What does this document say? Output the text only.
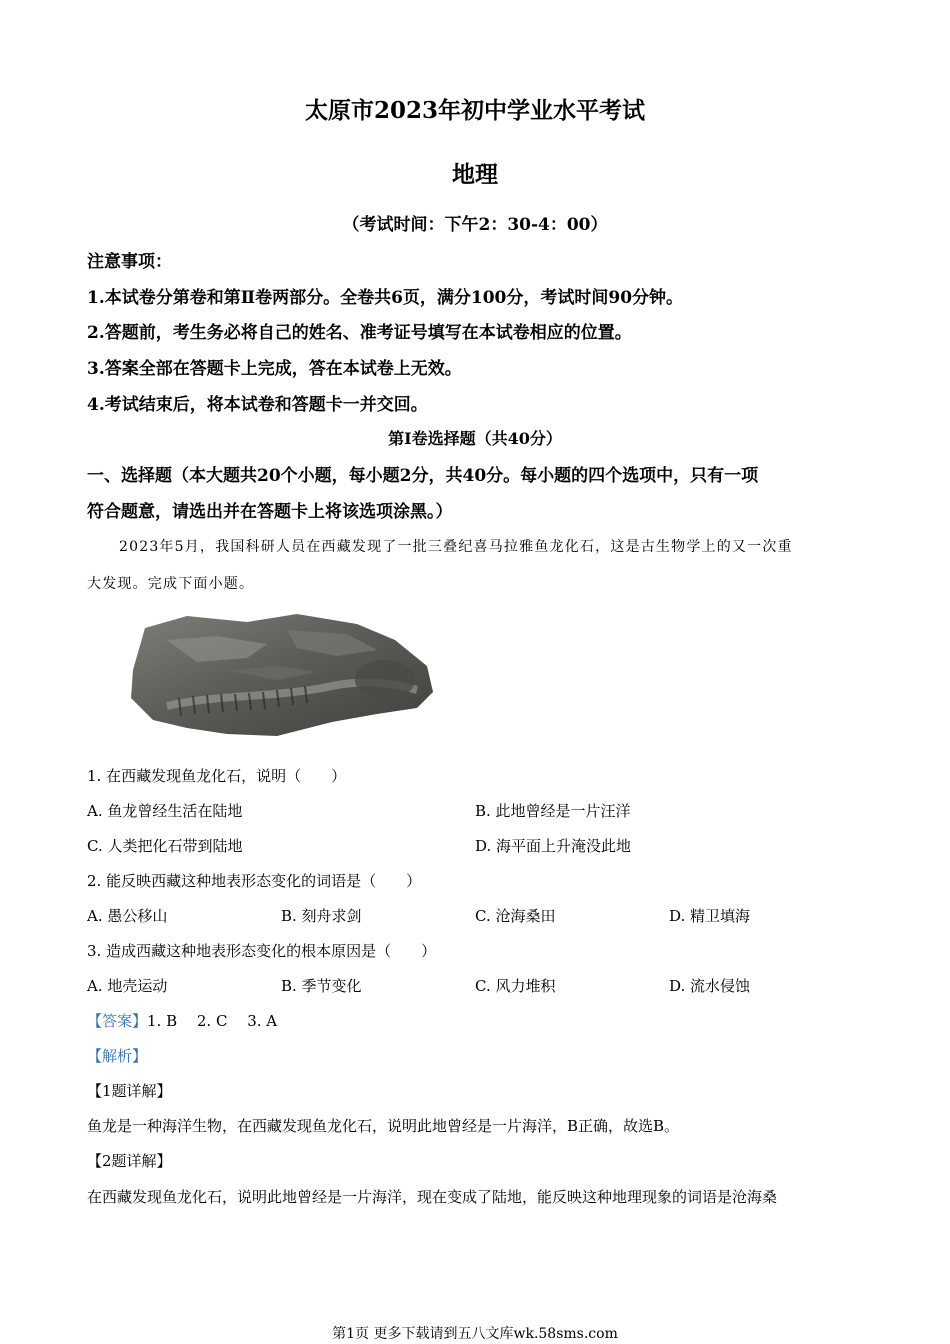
太原市2023年初中学业水平考试
地理
（考试时间：下午2：30-4：00）
注意事项：
1.本试卷分第卷和第Ⅱ卷两部分。全卷共6页，满分100分，考试时间90分钟。
2.答题前，考生务必将自己的姓名、准考证号填写在本试卷相应的位置。
3.答案全部在答题卡上完成，答在本试卷上无效。
4.考试结束后，将本试卷和答题卡一并交回。
第Ⅰ卷选择题（共40分）
一、选择题（本大题共20个小题，每小题2分，共40分。每小题的四个选项中，只有一项
符合题意，请选出并在答题卡上将该选项涂黑。）
2023年5月，我国科研人员在西藏发现了一批三叠纪喜马拉雅鱼龙化石，这是古生物学上的又一次重
大发现。完成下面小题。
1. 在西藏发现鱼龙化石，说明（　　）
A. 鱼龙曾经生活在陆地	B. 此地曾经是一片汪洋
C. 人类把化石带到陆地	D. 海平面上升淹没此地
2. 能反映西藏这种地表形态变化的词语是（　　）
A. 愚公移山	B. 刻舟求剑	C. 沧海桑田	D. 精卫填海
3. 造成西藏这种地表形态变化的根本原因是（　　）
A. 地壳运动	B. 季节变化	C. 风力堆积	D. 流水侵蚀
【答案】1. B　 2. C　 3. A
【解析】
【1题详解】
鱼龙是一种海洋生物，在西藏发现鱼龙化石，说明此地曾经是一片海洋，B正确，故选B。
【2题详解】
在西藏发现鱼龙化石，说明此地曾经是一片海洋，现在变成了陆地，能反映这种地理现象的词语是沧海桑
第1页 更多下载请到五八文库wk.58sms.com
